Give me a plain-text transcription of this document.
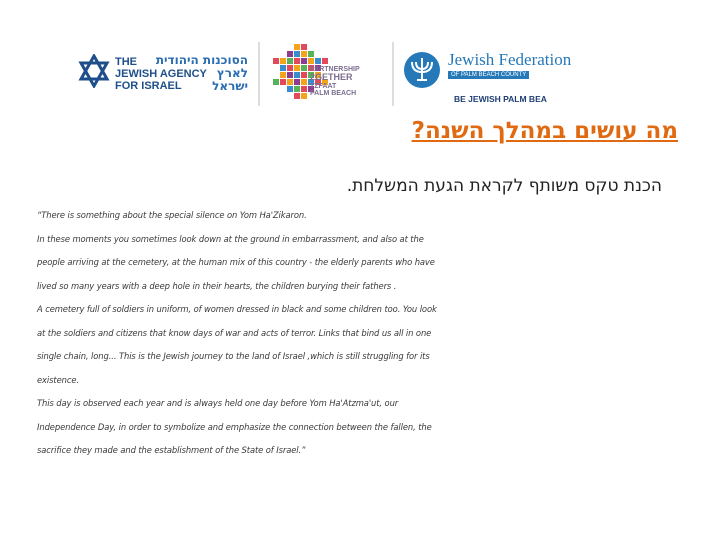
THE
JEWISH AGENCY
FOR ISRAEL
הסוכנות היהודית
לארץ
ישראל
PARTNERSHIP
2GETHER
TZFAAT
PALM BEACH
Jewish Federation
OF PALM BEACH COUNTY
BE JEWISH PALM BEA
מה עושים במהלך השנה?

הכנת טקס משותף לקראת הגעת המשלחת.

“There is something about the special silence on Yom Ha'Zikaron.

In these moments you sometimes look down at the ground in embarrassment, and also at the

people arriving at the cemetery, at the human mix of this country - the elderly parents who have

lived so many years with a deep hole in their hearts, the children burying their fathers .

A cemetery full of soldiers in uniform, of women dressed in black and some children too. You look

at the soldiers and citizens that know days of war and acts of terror. Links that bind us all in one

single chain, long... This is the Jewish journey to the land of Israel ,which is still struggling for its

existence.

This day is observed each year and is always held one day before Yom Ha'Atzma'ut, our

Independence Day, in order to symbolize and emphasize the connection between the fallen, the

sacrifice they made and the establishment of the State of Israel.”
